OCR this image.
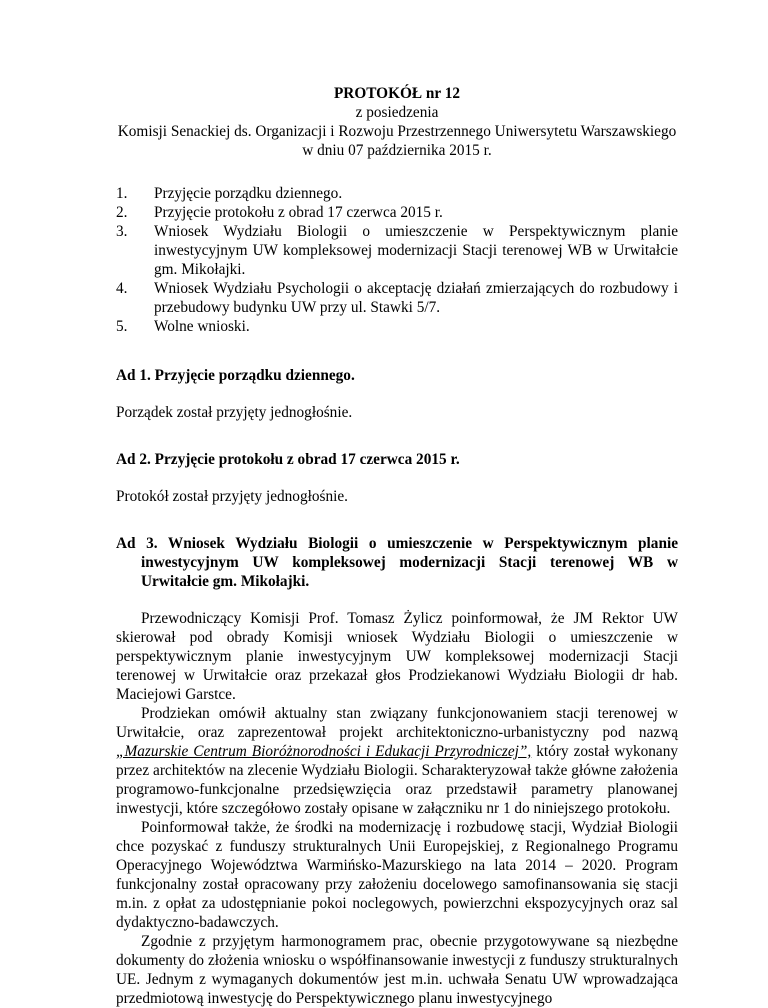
PROTOKÓŁ nr 12
z posiedzenia
Komisji Senackiej ds. Organizacji i Rozwoju Przestrzennego Uniwersytetu Warszawskiego
w dniu 07 października 2015 r.
1. Przyjęcie porządku dziennego.
2. Przyjęcie protokołu z obrad 17 czerwca 2015 r.
3. Wniosek Wydziału Biologii o umieszczenie w Perspektywicznym planie inwestycyjnym UW kompleksowej modernizacji Stacji terenowej WB w Urwitałcie gm. Mikołajki.
4. Wniosek Wydziału Psychologii o akceptację działań zmierzających do rozbudowy i przebudowy budynku UW przy ul. Stawki 5/7.
5. Wolne wnioski.
Ad 1. Przyjęcie porządku dziennego.
Porządek został przyjęty jednogłośnie.
Ad 2. Przyjęcie protokołu z obrad 17 czerwca 2015 r.
Protokół został przyjęty jednogłośnie.
Ad 3. Wniosek Wydziału Biologii o umieszczenie w Perspektywicznym planie inwestycyjnym UW kompleksowej modernizacji Stacji terenowej WB w Urwitałcie gm. Mikołajki.

Przewodniczący Komisji Prof. Tomasz Żylicz poinformował, że JM Rektor UW skierował pod obrady Komisji wniosek Wydziału Biologii o umieszczenie w perspektywicznym planie inwestycyjnym UW kompleksowej modernizacji Stacji terenowej w Urwitałcie oraz przekazał głos Prodziekanowi Wydziału Biologii dr hab. Maciejowi Garstce.

Prodziekan omówił aktualny stan związany funkcjonowaniem stacji terenowej w Urwitałcie, oraz zaprezentował projekt architektoniczno-urbanistyczny pod nazwą „Mazurskie Centrum Bioróżnorodności i Edukacji Przyrodniczej”, który został wykonany przez architektów na zlecenie Wydziału Biologii. Scharakteryzował także główne założenia programowo-funkcjonalne przedsięwzięcia oraz przedstawił parametry planowanej inwestycji, które szczegółowo zostały opisane w załączniku nr 1 do niniejszego protokołu.

Poinformował także, że środki na modernizację i rozbudowę stacji, Wydział Biologii chce pozyskać z funduszy strukturalnych Unii Europejskiej, z Regionalnego Programu Operacyjnego Województwa Warmińsko-Mazurskiego na lata 2014 – 2020. Program funkcjonalny został opracowany przy założeniu docelowego samofinansowania się stacji m.in. z opłat za udostępnianie pokoi noclegowych, powierzchni ekspozycyjnych oraz sal dydaktyczno-badawczych.

Zgodnie z przyjętym harmonogramem prac, obecnie przygotowywane są niezbędne dokumenty do złożenia wniosku o współfinansowanie inwestycji z funduszy strukturalnych UE. Jednym z wymaganych dokumentów jest m.in. uchwała Senatu UW wprowadzająca przedmiotową inwestycję do Perspektywicznego planu inwestycyjnego
